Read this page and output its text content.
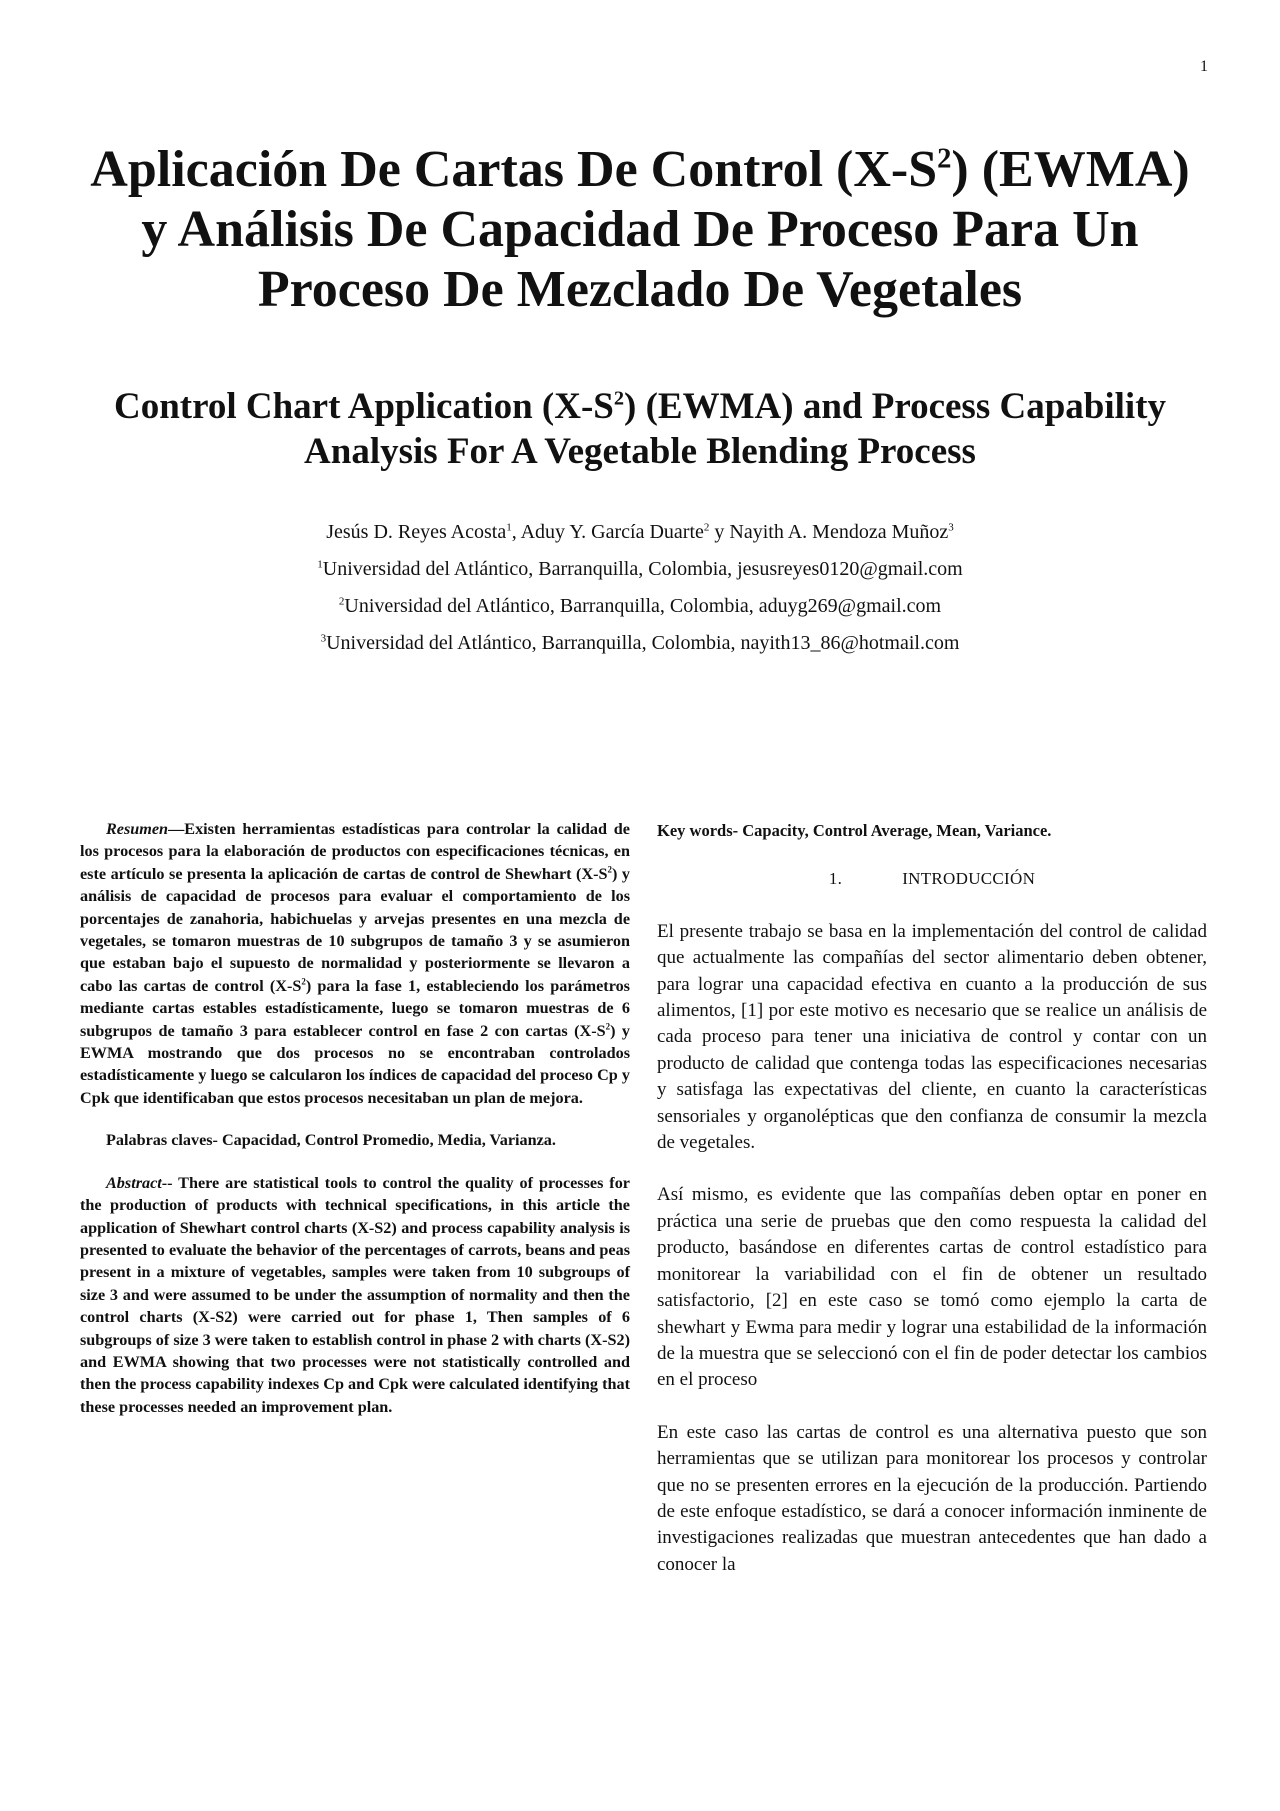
1
Aplicación De Cartas De Control $(X-S^2)$ (EWMA)
y Análisis De Capacidad De Proceso Para Un
Proceso De Mezclado De Vegetales
Control Chart Application $(X-S^2)$ (EWMA) and Process Capability
Analysis For A Vegetable Blending Process
Jesús D. Reyes Acosta$^1$, Aduy Y. García Duarte$^2$ y Nayith A. Mendoza Muñoz$^3$
$^1$Universidad del Atlántico, Barranquilla, Colombia, jesusreyes0120@gmail.com
$^2$Universidad del Atlántico, Barranquilla, Colombia, aduyg269@gmail.com
$^3$Universidad del Atlántico, Barranquilla, Colombia, nayith13_86@hotmail.com

Resumen—Existen herramientas estadísticas para controlar la calidad de los procesos para la elaboración de productos con especificaciones técnicas, en este artículo se presenta la aplicación de cartas de control de Shewhart $(X-S^2)$ y análisis de capacidad de procesos para evaluar el comportamiento de los porcentajes de zanahoria, habichuelas y arvejas presentes en una mezcla de vegetales, se tomaron muestras de 10 subgrupos de tamaño 3 y se asumieron que estaban bajo el supuesto de normalidad y posteriormente se llevaron a cabo las cartas de control $(X-S^2)$ para la fase 1, estableciendo los parámetros mediante cartas estables estadísticamente, luego se tomaron muestras de 6 subgrupos de tamaño 3 para establecer control en fase 2 con cartas $(X-S^2)$ y EWMA mostrando que dos procesos no se encontraban controlados estadísticamente y luego se calcularon los índices de capacidad del proceso Cp y Cpk que identificaban que estos procesos necesitaban un plan de mejora.

Palabras claves- Capacidad, Control Promedio, Media, Varianza.

Abstract-- There are statistical tools to control the quality of processes for the production of products with technical specifications, in this article the application of Shewhart control charts (X-S2) and process capability analysis is presented to evaluate the behavior of the percentages of carrots, beans and peas present in a mixture of vegetables, samples were taken from 10 subgroups of size 3 and were assumed to be under the assumption of normality and then the control charts (X-S2) were carried out for phase 1, Then samples of 6 subgroups of size 3 were taken to establish control in phase 2 with charts (X-S2) and EWMA showing that two processes were not statistically controlled and then the process capability indexes Cp and Cpk were calculated identifying that these processes needed an improvement plan.

Key words- Capacity, Control Average, Mean, Variance.

1.	INTRODUCCIÓN

El presente trabajo se basa en la implementación del control de calidad que actualmente las compañías del sector alimentario deben obtener, para lograr una capacidad efectiva en cuanto a la producción de sus alimentos, [1] por este motivo es necesario que se realice un análisis de cada proceso para tener una iniciativa de control y contar con un producto de calidad que contenga todas las especificaciones necesarias y satisfaga las expectativas del cliente, en cuanto la características sensoriales y organolépticas que den confianza de consumir la mezcla de vegetales.

Así mismo, es evidente que las compañías deben optar en poner en práctica una serie de pruebas que den como respuesta la calidad del producto, basándose en diferentes cartas de control estadístico para monitorear la variabilidad con el fin de obtener un resultado satisfactorio, [2] en este caso se tomó como ejemplo la carta de shewhart y Ewma para medir y lograr una estabilidad de la información de la muestra que se seleccionó con el fin de poder detectar los cambios en el proceso

En este caso las cartas de control es una alternativa puesto que son herramientas que se utilizan para monitorear los procesos y controlar que no se presenten errores en la ejecución de la producción. Partiendo de este enfoque estadístico, se dará a conocer información inminente de investigaciones realizadas que muestran antecedentes que han dado a conocer la
